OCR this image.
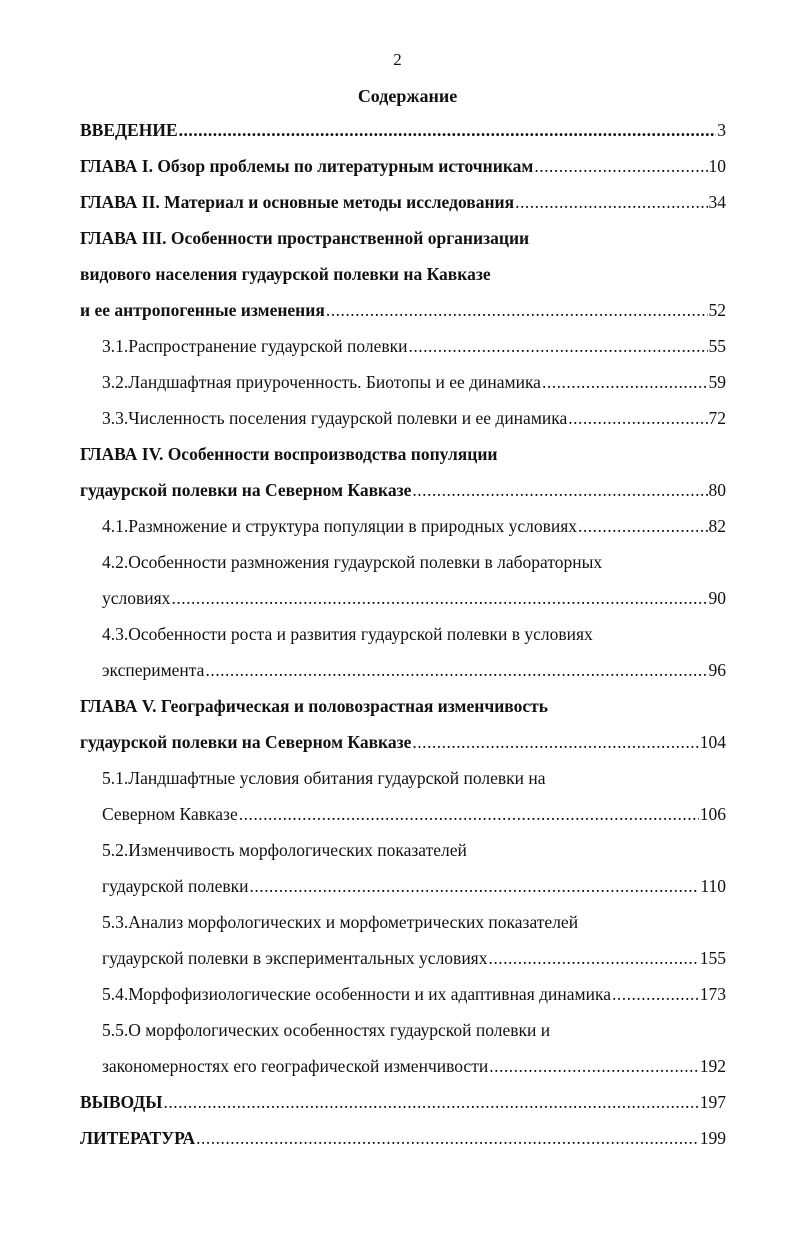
2
Содержание
ВВЕДЕНИЕ .....	3
ГЛАВА I. Обзор проблемы по литературным источникам .....	10
ГЛАВА II. Материал и основные методы исследования .....	34
ГЛАВА III. Особенности пространственной организации
видового населения гудаурской полевки на Кавказе
и ее антропогенные изменения .....	52
3.1.Распространение гудаурской полевки .....	55
3.2.Ландшафтная приуроченность. Биотопы и ее динамика .....	59
3.3.Численность поселения гудаурской полевки и ее динамика .....	72
ГЛАВА IV. Особенности воспроизводства популяции
гудаурской полевки на Северном Кавказе .....	80
4.1.Размножение и структура популяции в природных условиях .....	82
4.2.Особенности размножения гудаурской полевки в лабораторных
условиях .....	90
4.3.Особенности роста и развития гудаурской полевки в условиях
эксперимента .....	96
ГЛАВА V. Географическая и половозрастная изменчивость
гудаурской полевки на Северном Кавказе .....	104
5.1.Ландшафтные условия обитания гудаурской полевки на
Северном Кавказе .....	106
5.2.Изменчивость морфологических показателей
гудаурской полевки .....	110
5.3.Анализ морфологических и морфометрических показателей
гудаурской полевки в экспериментальных условиях .....	155
5.4.Морфофизиологические особенности и их адаптивная динамика .....	173
5.5.О морфологических особенностях гудаурской полевки и
закономерностях его географической изменчивости .....	192
ВЫВОДЫ .....	197
ЛИТЕРАТУРА .....	199
